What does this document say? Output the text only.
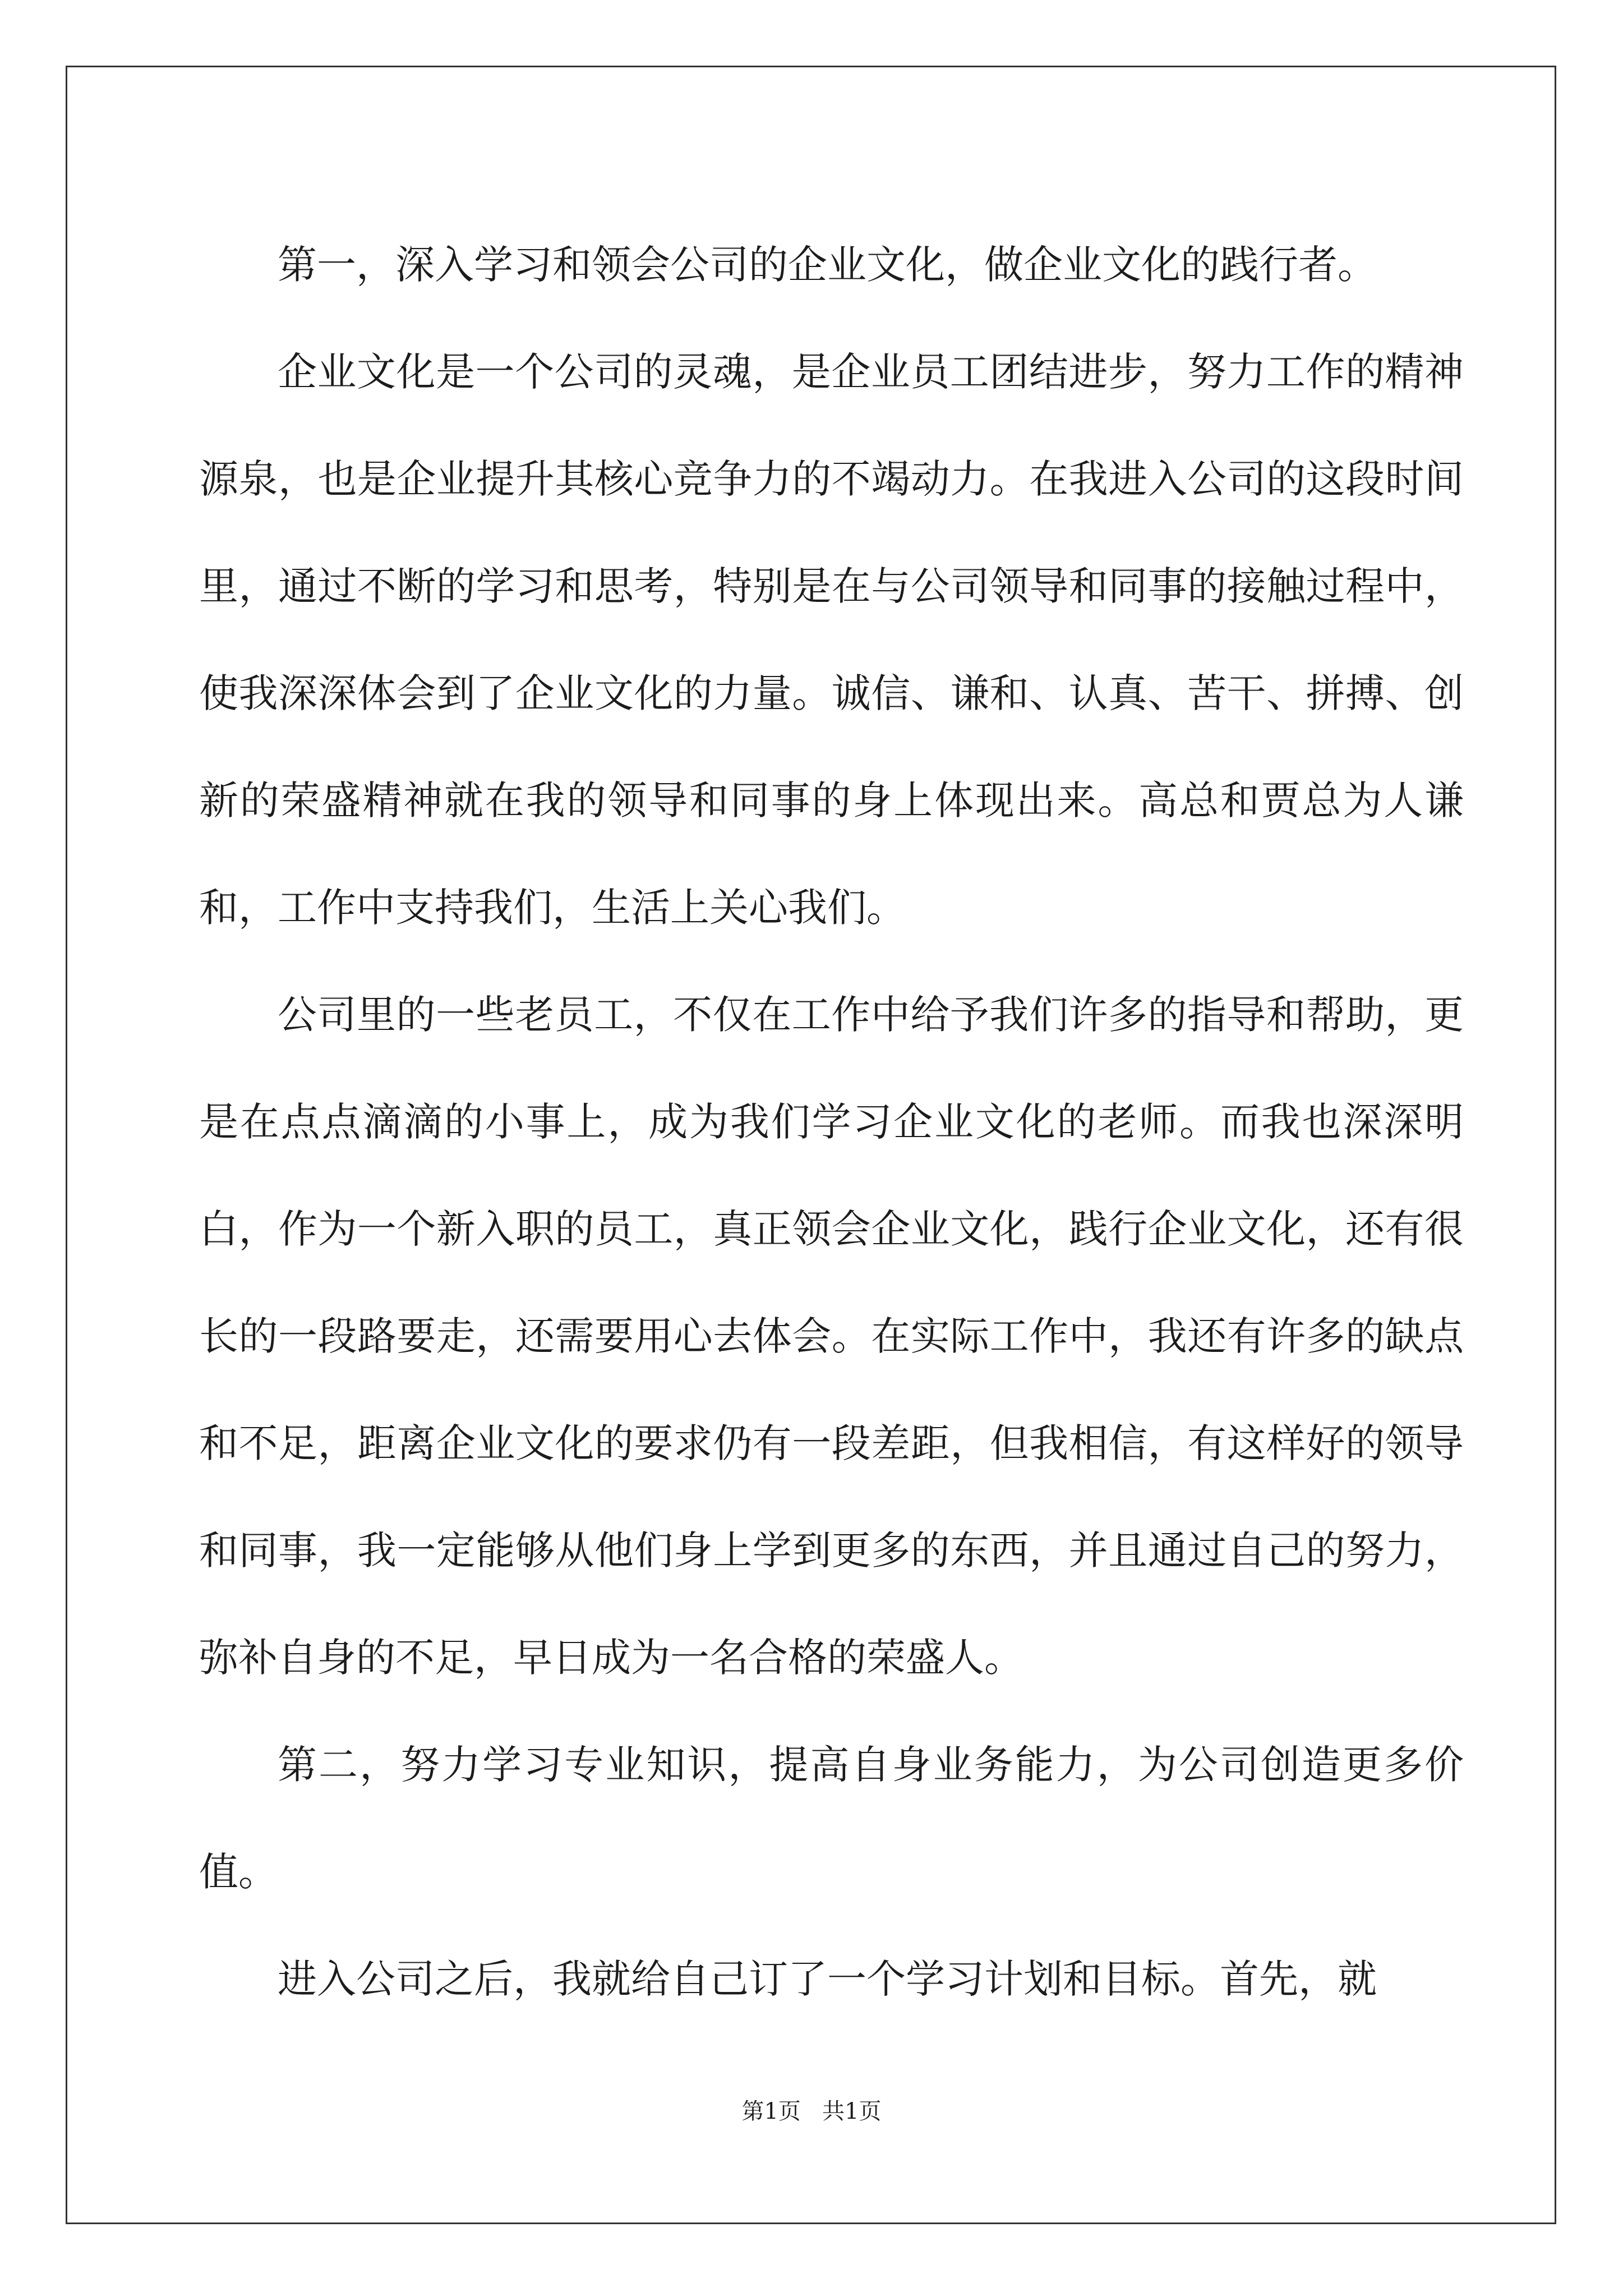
第一，深入学习和领会公司的企业文化，做企业文化的践行者。

企业文化是一个公司的灵魂，是企业员工团结进步，努力工作的精神源泉，也是企业提升其核心竞争力的不竭动力。在我进入公司的这段时间里，通过不断的学习和思考，特别是在与公司领导和同事的接触过程中，使我深深体会到了企业文化的力量。诚信、谦和、认真、苦干、拼搏、创新的荣盛精神就在我的领导和同事的身上体现出来。高总和贾总为人谦和，工作中支持我们，生活上关心我们。

公司里的一些老员工，不仅在工作中给予我们许多的指导和帮助，更是在点点滴滴的小事上，成为我们学习企业文化的老师。而我也深深明白，作为一个新入职的员工，真正领会企业文化，践行企业文化，还有很长的一段路要走，还需要用心去体会。在实际工作中，我还有许多的缺点和不足，距离企业文化的要求仍有一段差距，但我相信，有这样好的领导和同事，我一定能够从他们身上学到更多的东西，并且通过自己的努力，弥补自身的不足，早日成为一名合格的荣盛人。

第二，努力学习专业知识，提高自身业务能力，为公司创造更多价值。

进入公司之后，我就给自己订了一个学习计划和目标。首先，就

第1页   共1页
